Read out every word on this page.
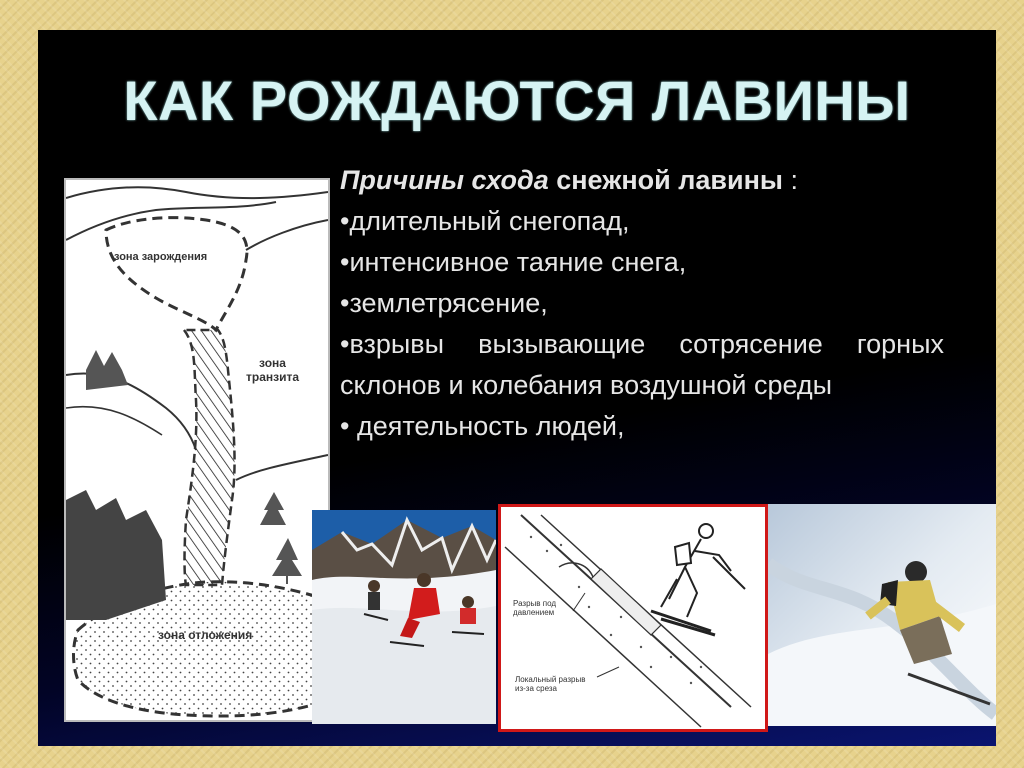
КАК РОЖДАЮТСЯ ЛАВИНЫ
зона зарождения
зона
транзита
зона отложения

Причины схода снежной лавины :

•длительный снегопад,
•интенсивное таяние снега,
•землетрясение,
•взрывы вызывающие сотрясение горных склонов и колебания воздушной среды
• деятельность людей,
Разрыв под
давлением
Локальный разрыв
из-за среза
